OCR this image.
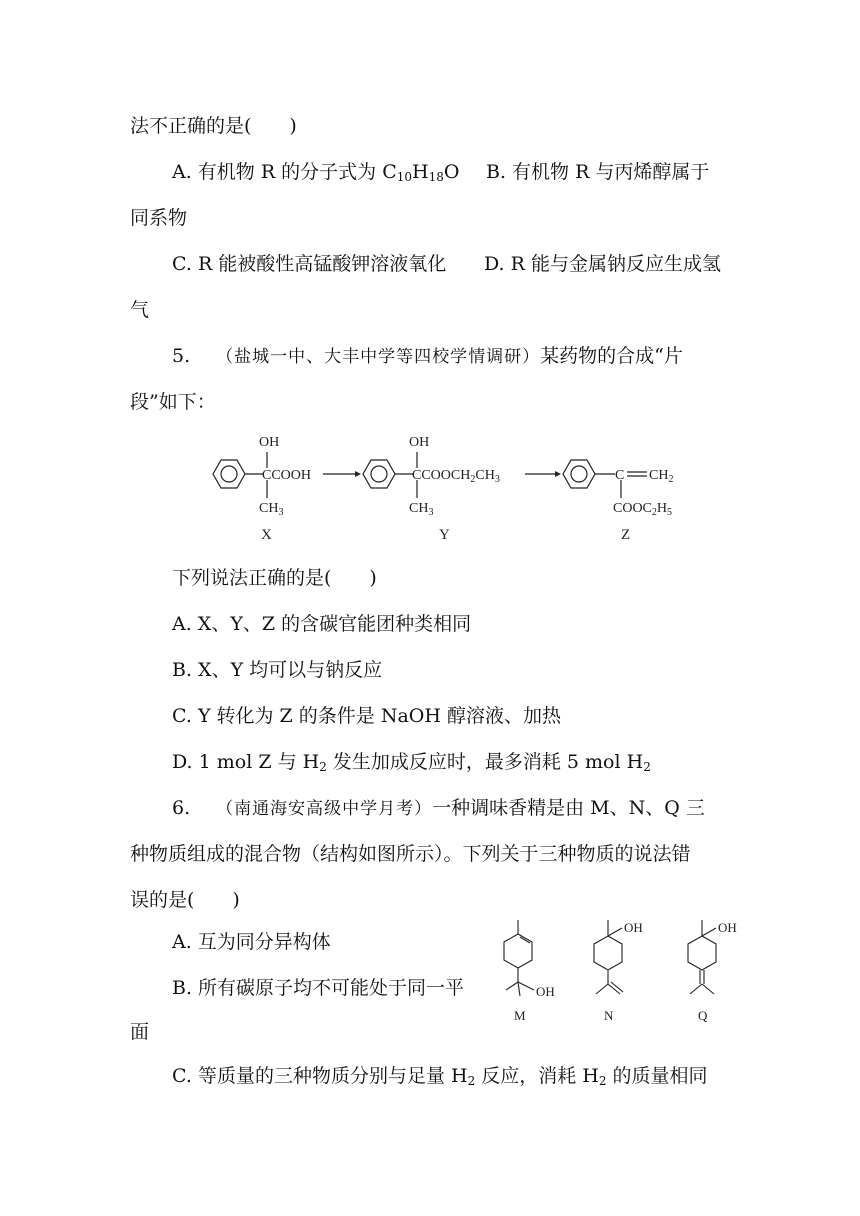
法不正确的是(　　)
A. 有机物 R 的分子式为 $C_{10}H_{18}O$ B. 有机物 R 与丙烯醇属于
同系物
C. R 能被酸性高锰酸钾溶液氧化 D. R 能与金属钠反应生成氢
气
5. （盐城一中、大丰中学等四校学情调研）某药物的合成“片
段”如下：
OH
CCOOH
$CH_3$
X
OH
$CCOOCH_2CH_3$
$CH_3$
Y
C $CH_2$
$COOC_2H_5$
Z
下列说法正确的是(　　)
A. X、Y、Z 的含碳官能团种类相同
B. X、Y 均可以与钠反应
C. Y 转化为 Z 的条件是 NaOH 醇溶液、加热
D. 1 mol Z 与 $H_2$ 发生加成反应时，最多消耗 5 mol $H_2$
6. （南通海安高级中学月考）一种调味香精是由 M、N、Q 三
种物质组成的混合物（结构如图所示）。下列关于三种物质的说法错
误的是(　　)
A. 互为同分异构体
B. 所有碳原子均不可能处于同一平
面
OH
M
OH
N
OH
Q
C. 等质量的三种物质分别与足量 $H_2$ 反应，消耗 $H_2$ 的质量相同
